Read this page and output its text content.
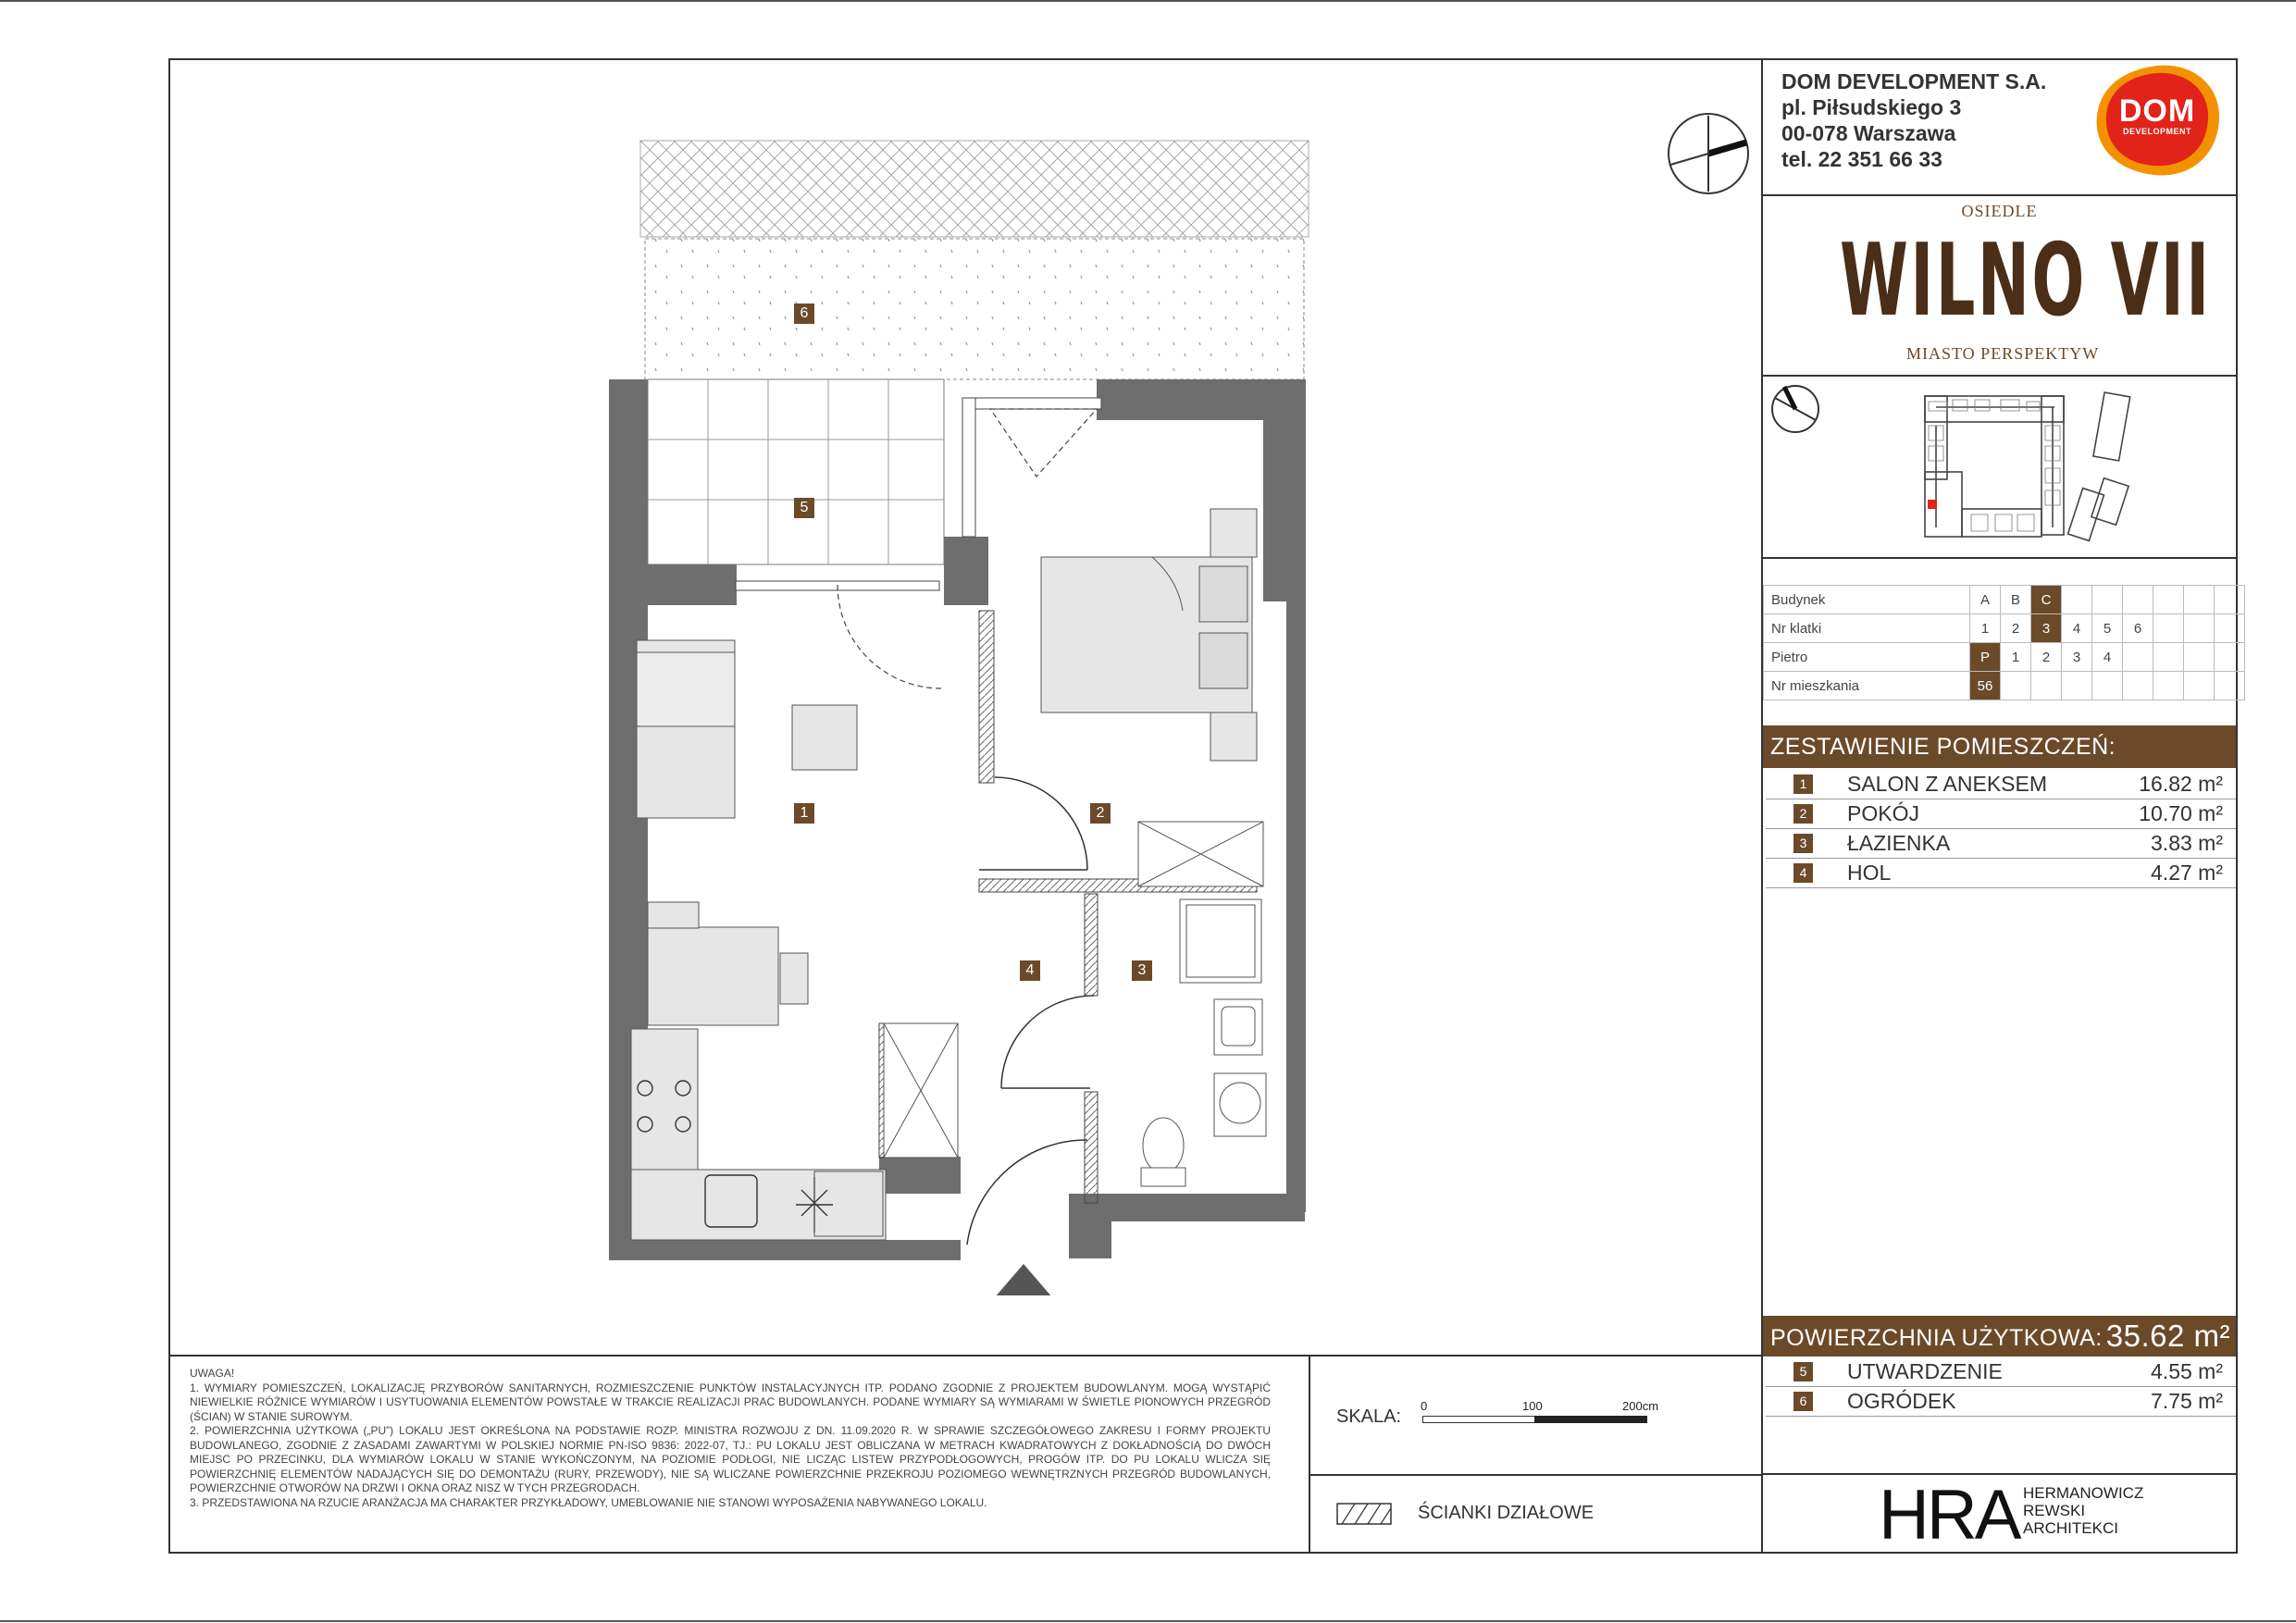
DOM DEVELOPMENT S.A.
pl. Piłsudskiego 3
00-078 Warszawa
tel. 22 351 66 33
DOM
DEVELOPMENT
OSIEDLE
WILNO VII
MIASTO PERSPEKTYW
Budynek	A	B	C						
Nr klatki	1	2	3	4	5	6			
Pietro	P	1	2	3	4				
Nr mieszkania	56								
ZESTAWIENIE POMIESZCZEŃ:
1 SALON Z ANEKSEM	16.82 m²
2 POKÓJ	10.70 m²
3 ŁAZIENKA	3.83 m²
4 HOL	4.27 m²
POWIERZCHNIA UŻYTKOWA: 35.62 m²
5 UTWARDZENIE	4.55 m²
6 OGRÓDEK	7.75 m²
HRA HERMANOWICZ
REWSKI
ARCHITEKCI
UWAGA!
1. WYMIARY POMIESZCZEŃ, LOKALIZACJĘ PRZYBORÓW SANITARNYCH, ROZMIESZCZENIE PUNKTÓW INSTALACYJNYCH ITP. PODANO ZGODNIE Z PROJEKTEM BUDOWLANYM. MOGĄ WYSTĄPIĆ NIEWIELKIE RÓŻNICE WYMIARÓW I USYTUOWANIA ELEMENTÓW POWSTAŁE W TRAKCIE REALIZACJI PRAC BUDOWLANYCH. PODANE WYMIARY SĄ WYMIARAMI W ŚWIETLE PIONOWYCH PRZEGRÓD (ŚCIAN) W STANIE SUROWYM.
2. POWIERZCHNIA UŻYTKOWA („PU”) LOKALU JEST OKREŚLONA NA PODSTAWIE ROZP. MINISTRA ROZWOJU Z DN. 11.09.2020 R. W SPRAWIE SZCZEGÓŁOWEGO ZAKRESU I FORMY PROJEKTU BUDOWLANEGO, ZGODNIE Z ZASADAMI ZAWARTYMI W POLSKIEJ NORMIE PN-ISO 9836: 2022-07, TJ.: PU LOKALU JEST OBLICZANA W METRACH KWADRATOWYCH Z DOKŁADNOŚCIĄ DO DWÓCH MIEJSC PO PRZECINKU, DLA WYMIARÓW LOKALU W STANIE WYKOŃCZONYM, NA POZIOMIE PODŁOGI, NIE LICZĄC LISTEW PRZYPODŁOGOWYCH, PROGÓW ITP. DO PU LOKALU WLICZA SIĘ POWIERZCHNIĘ ELEMENTÓW NADAJĄCYCH SIĘ DO DEMONTAŻU (RURY, PRZEWODY), NIE SĄ WLICZANE POWIERZCHNIE PRZEKROJU POZIOMEGO WEWNĘTRZNYCH PRZEGRÓD BUDOWLANYCH, POWIERZCHNIE OTWORÓW NA DRZWI I OKNA ORAZ NISZ W TYCH PRZEGRODACH.
3. PRZEDSTAWIONA NA RZUCIE ARANŻACJA MA CHARAKTER PRZYKŁADOWY, UMEBLOWANIE NIE STANOWI WYPOSAŻENIA NABYWANEGO LOKALU.
SKALA:
0	100	200cm
ŚCIANKI DZIAŁOWE
6
5
1	2
3
4
